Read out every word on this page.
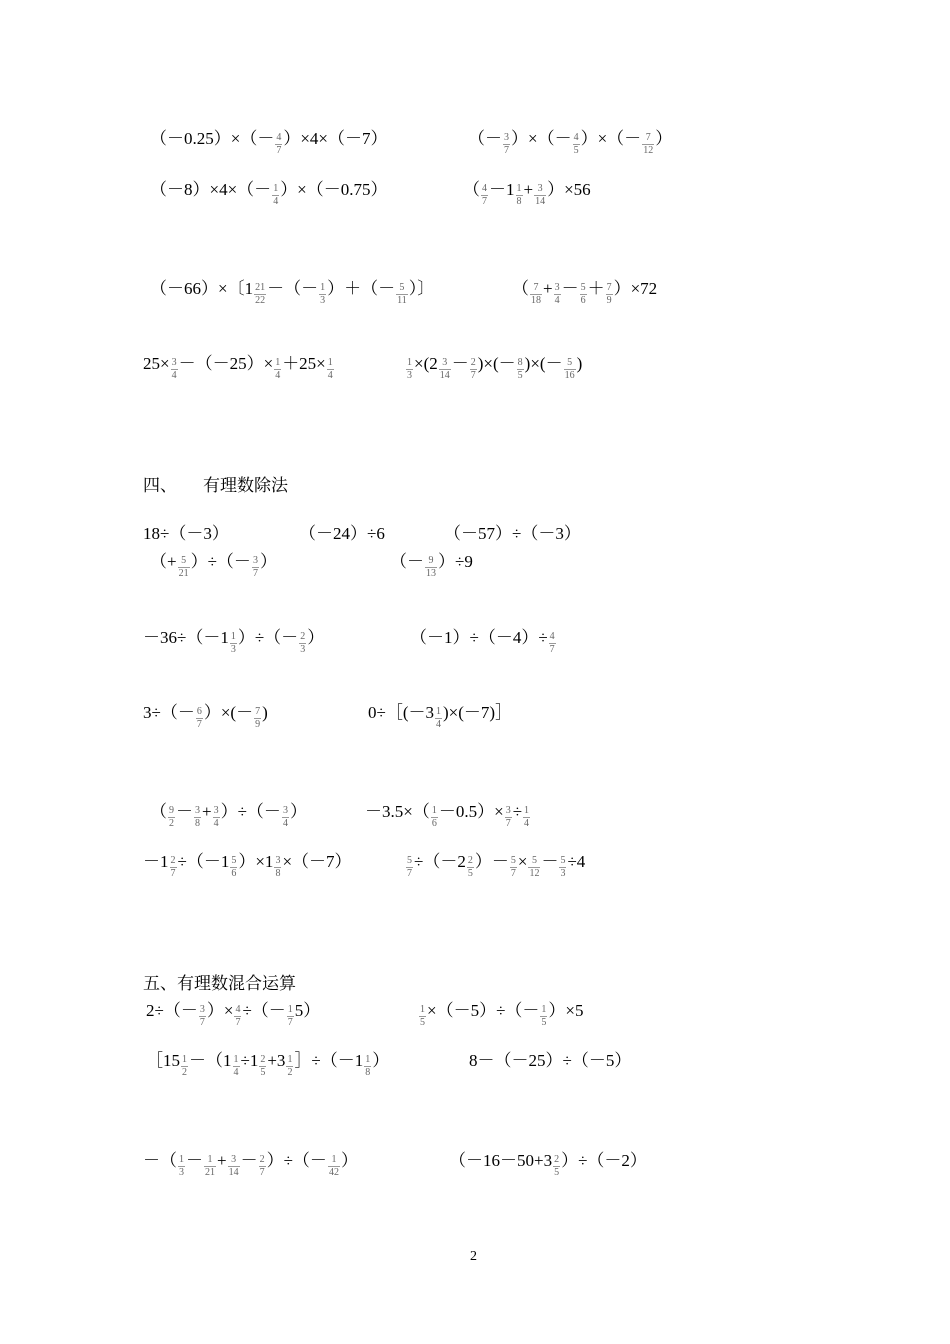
四、 有理数除法
五、有理数混合运算
$(-0.25)\times(- \frac{4}{7} )\times 4\times(-7)$	（－ $\frac{3}{7}$ ）×（－ $\frac{4}{5}$ ）×（－ $\frac{7}{12}$ ）
$(-8)\times 4\times(- \frac{1}{4} )\times(-0.75)$	（ $\frac{4}{7} -1 \frac{1}{8} + \frac{3}{14} )\times 56$
（－66）×〔$1 \frac{21}{22}$ －（－ $\frac{1}{3}$ ）＋（－ $\frac{5}{11}$ ）〕	（ $\frac{7}{18} + \frac{3}{4} - \frac{5}{6} + \frac{7}{9} )\times 72$
$25\times \frac{3}{4} -(-25)\times \frac{1}{4} +25\times \frac{1}{4}$	$\frac{1}{3} \times(2 \frac{3}{14} - \frac{2}{7}$ )×(－ $\frac{8}{5}$ )×(－ $\frac{5}{16}$ )
18÷（－3）	（－24）÷6	（－57）÷（－3）
（+ $\frac{5}{21}$ ）÷（－ $\frac{3}{7}$ ）	（－ $\frac{9}{13} )\div 9$
$-36\div(-1 \frac{1}{3}$ ）÷（－ $\frac{2}{3}$ ）	$(-1)\div(-4)\div \frac{4}{7}$
$3\div(- \frac{6}{7}$ ）×(－ $\frac{7}{9}$ )	0÷［(－3 $\frac{1}{4}$ )×(－7)］
（ $\frac{9}{2} - \frac{3}{8} + \frac{3}{4}$ ）÷（－ $\frac{3}{4}$ ）	$-3.5\times( \frac{1}{6} -0.5)\times \frac{3}{7} \div \frac{1}{4}$
$-1 \frac{2}{7} \div(-1 \frac{5}{6} )\times 1 \frac{3}{8} \times(-7)$	$\frac{5}{7} \div(-2 \frac{2}{5}$ ）－ $\frac{5}{7} \times \frac{5}{12} - \frac{5}{3} \div 4$
$2\div(- \frac{3}{7}$ ）× $\frac{4}{7}$ ÷（－ $\frac{1}{7} 5$）	$\frac{1}{5} \times(-5)\div(- \frac{1}{5} )\times 5$
［15 $\frac{1}{2} -(1 \frac{1}{4} \div 1 \frac{2}{5} +3 \frac{1}{2}$ ］÷（－1 $\frac{1}{8}$ ）	8－（－25）÷（－5）
－（ $\frac{1}{3} - \frac{1}{21} + \frac{3}{14} - \frac{2}{7}$ ）÷（－ $\frac{1}{42}$ ）	$(-16-50+3 \frac{2}{5} )\div(-2)$
2
